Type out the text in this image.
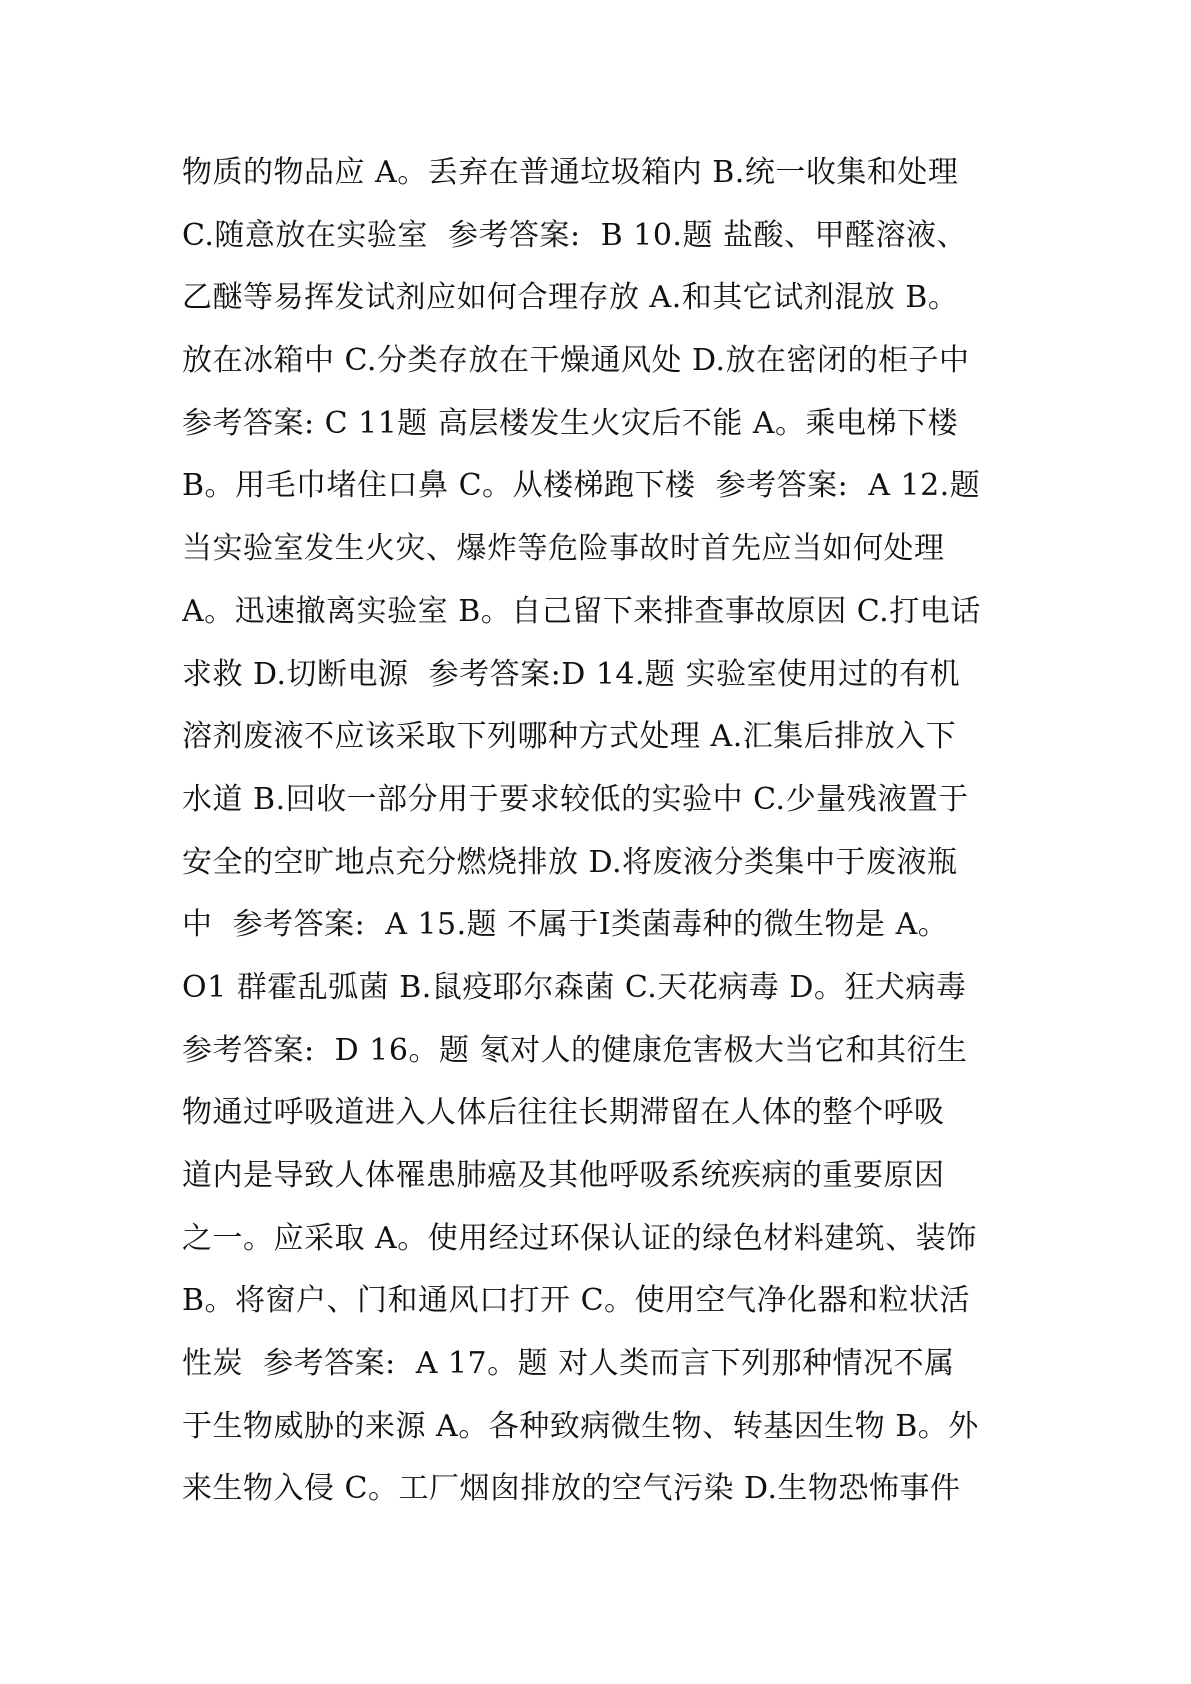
物质的物品应 A。丢弃在普通垃圾箱内 B.统一收集和处理
C.随意放在实验室  参考答案:  B 10.题 盐酸、甲醛溶液、
乙醚等易挥发试剂应如何合理存放 A.和其它试剂混放 B。
放在冰箱中 C.分类存放在干燥通风处 D.放在密闭的柜子中
参考答案: C 11题 高层楼发生火灾后不能 A。乘电梯下楼
B。用毛巾堵住口鼻 C。从楼梯跑下楼  参考答案:  A 12.题
当实验室发生火灾、爆炸等危险事故时首先应当如何处理
A。迅速撤离实验室 B。自己留下来排查事故原因 C.打电话
求救 D.切断电源  参考答案:D 14.题 实验室使用过的有机
溶剂废液不应该采取下列哪种方式处理 A.汇集后排放入下
水道 B.回收一部分用于要求较低的实验中 C.少量残液置于
安全的空旷地点充分燃烧排放 D.将废液分类集中于废液瓶
中  参考答案:  A 15.题 不属于Ⅰ类菌毒种的微生物是 A。
O1 群霍乱弧菌 B.鼠疫耶尔森菌 C.天花病毒 D。狂犬病毒
参考答案:  D 16。题 氡对人的健康危害极大当它和其衍生
物通过呼吸道进入人体后往往长期滞留在人体的整个呼吸
道内是导致人体罹患肺癌及其他呼吸系统疾病的重要原因
之一。应采取 A。使用经过环保认证的绿色材料建筑、装饰
B。将窗户、门和通风口打开 C。使用空气净化器和粒状活
性炭  参考答案:  A 17。题 对人类而言下列那种情况不属
于生物威胁的来源 A。各种致病微生物、转基因生物 B。外
来生物入侵 C。工厂烟囱排放的空气污染 D.生物恐怖事件
